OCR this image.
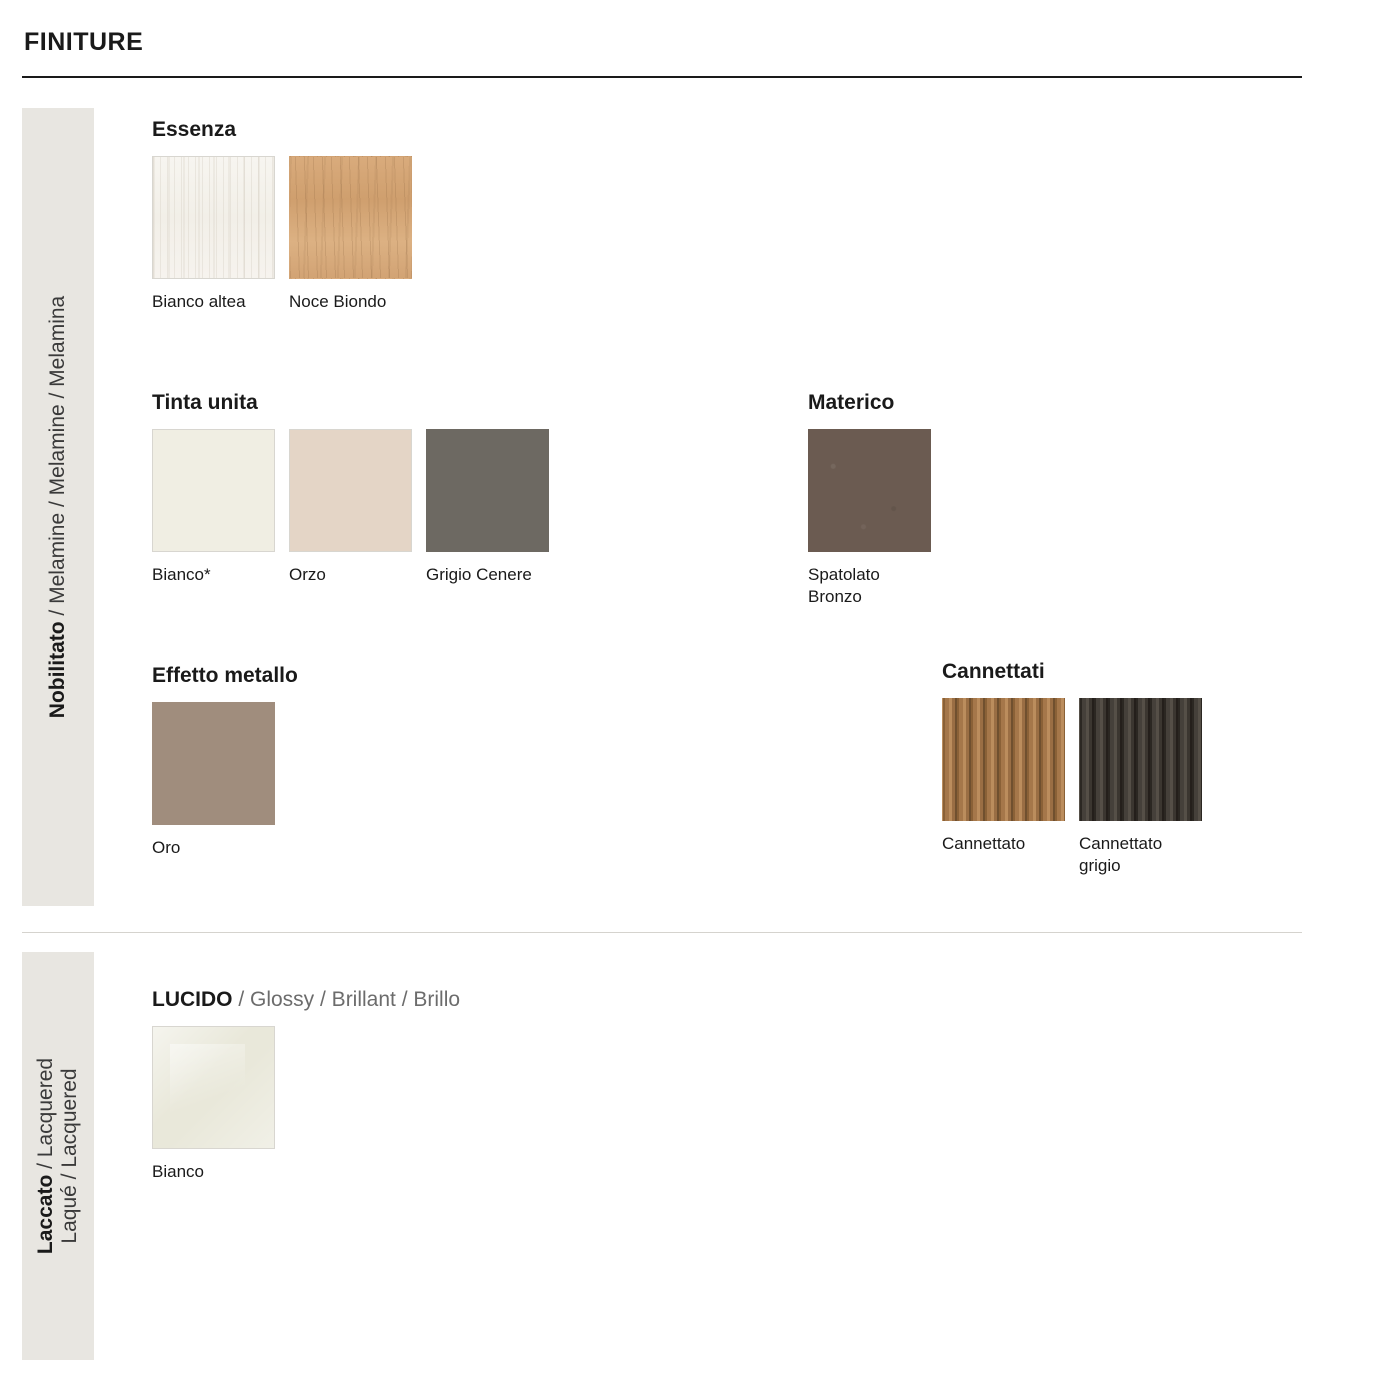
FINITURE
Nobilitato / Melamine / Melamine / Melamina
Essenza
Bianco altea	Noce Biondo
Tinta unita
Bianco*	Orzo	Grigio Cenere
Materico
Spatolato Bronzo
Effetto metallo
Oro
Cannettati
Cannettato	Cannettato grigio
Laccato / Lacquered Laqué / Lacquered
LUCIDO / Glossy / Brillant / Brillo
Bianco
